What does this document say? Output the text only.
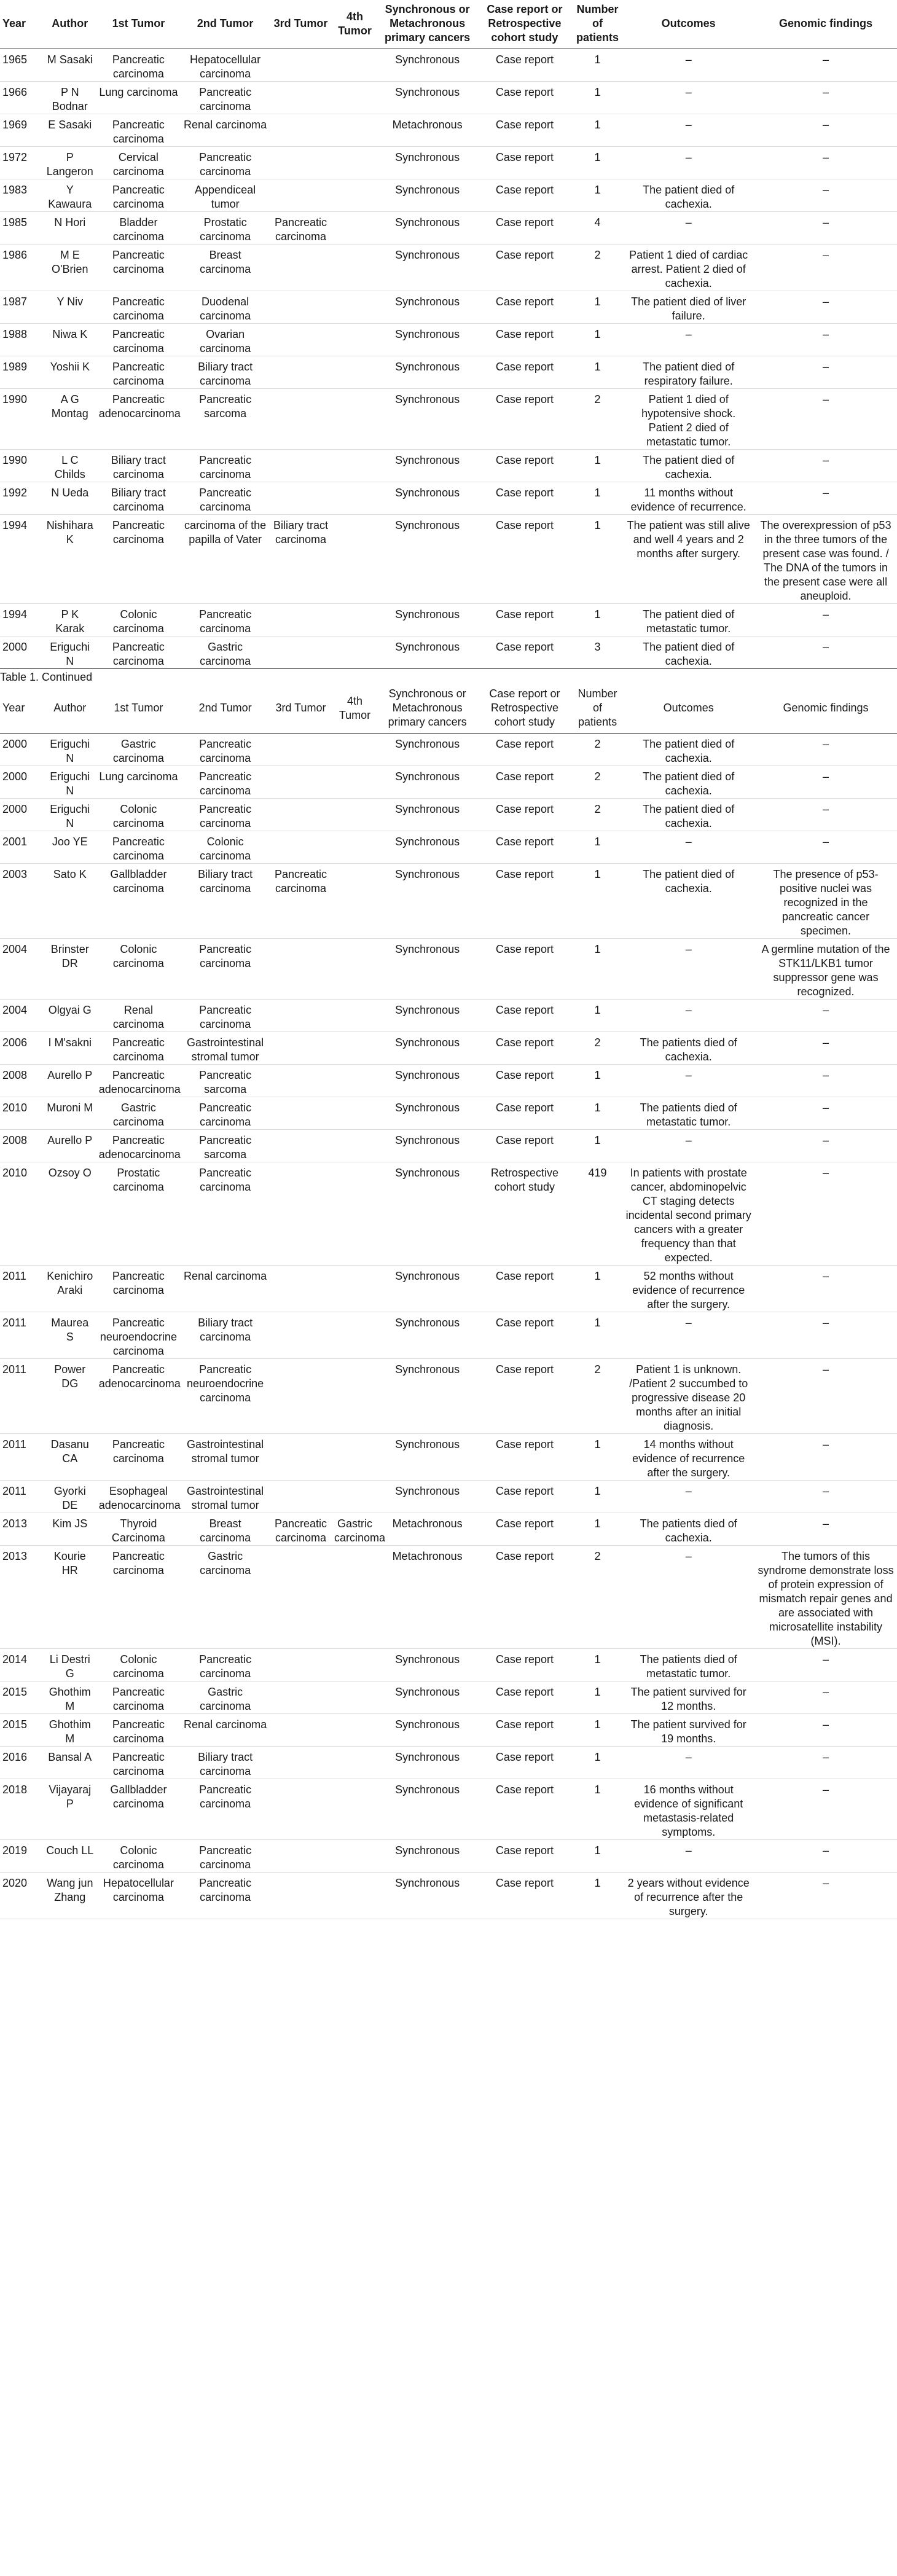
Year	Author	1st Tumor	2nd Tumor	3rd Tumor	4th Tumor	Synchronous or Metachronous primary cancers	Case report or Retrospective cohort study	Number of patients	Outcomes	Genomic findings
1965	M Sasaki	Pancreatic carcinoma	Hepatocellular carcinoma			Synchronous	Case report	1	–	–
1966	P N Bodnar	Lung carcinoma	Pancreatic carcinoma			Synchronous	Case report	1	–	–
1969	E Sasaki	Pancreatic carcinoma	Renal carcinoma			Metachronous	Case report	1	–	–
1972	P Langeron	Cervical carcinoma	Pancreatic carcinoma			Synchronous	Case report	1	–	–
1983	Y Kawaura	Pancreatic carcinoma	Appendiceal tumor			Synchronous	Case report	1	The patient died of cachexia.	–
1985	N Hori	Bladder carcinoma	Prostatic carcinoma	Pancreatic carcinoma		Synchronous	Case report	4	–	–
1986	M E O'Brien	Pancreatic carcinoma	Breast carcinoma			Synchronous	Case report	2	Patient 1 died of cardiac arrest. Patient 2 died of cachexia.	–
1987	Y Niv	Pancreatic carcinoma	Duodenal carcinoma			Synchronous	Case report	1	The patient died of liver failure.	–
1988	Niwa K	Pancreatic carcinoma	Ovarian carcinoma			Synchronous	Case report	1	–	–
1989	Yoshii K	Pancreatic carcinoma	Biliary tract carcinoma			Synchronous	Case report	1	The patient died of respiratory failure.	–
1990	A G Montag	Pancreatic adenocarcinoma	Pancreatic sarcoma			Synchronous	Case report	2	Patient 1 died of hypotensive shock. Patient 2 died of metastatic tumor.	–
1990	L C Childs	Biliary tract carcinoma	Pancreatic carcinoma			Synchronous	Case report	1	The patient died of cachexia.	–
1992	N Ueda	Biliary tract carcinoma	Pancreatic carcinoma			Synchronous	Case report	1	11 months without evidence of recurrence.	–
1994	Nishihara K	Pancreatic carcinoma	carcinoma of the papilla of Vater	Biliary tract carcinoma		Synchronous	Case report	1	The patient was still alive and well 4 years and 2 months after surgery.	The overexpression of p53 in the three tumors of the present case was found. / The DNA of the tumors in the present case were all aneuploid.
1994	P K Karak	Colonic carcinoma	Pancreatic carcinoma			Synchronous	Case report	1	The patient died of metastatic tumor.	–
2000	Eriguchi N	Pancreatic carcinoma	Gastric carcinoma			Synchronous	Case report	3	The patient died of cachexia.	–
Table 1. Continued										
Year	Author	1st Tumor	2nd Tumor	3rd Tumor	4th Tumor	Synchronous or Metachronous primary cancers	Case report or Retrospective cohort study	Number of patients	Outcomes	Genomic findings
2000	Eriguchi N	Gastric carcinoma	Pancreatic carcinoma			Synchronous	Case report	2	The patient died of cachexia.	–
2000	Eriguchi N	Lung carcinoma	Pancreatic carcinoma			Synchronous	Case report	2	The patient died of cachexia.	–
2000	Eriguchi N	Colonic carcinoma	Pancreatic carcinoma			Synchronous	Case report	2	The patient died of cachexia.	–
2001	Joo YE	Pancreatic carcinoma	Colonic carcinoma			Synchronous	Case report	1	–	–
2003	Sato K	Gallbladder carcinoma	Biliary tract carcinoma	Pancreatic carcinoma		Synchronous	Case report	1	The patient died of cachexia.	The presence of p53-positive nuclei was recognized in the pancreatic cancer specimen.
2004	Brinster DR	Colonic carcinoma	Pancreatic carcinoma			Synchronous	Case report	1	–	A germline mutation of the STK11/LKB1 tumor suppressor gene was recognized.
2004	Olgyai G	Renal carcinoma	Pancreatic carcinoma			Synchronous	Case report	1	–	–
2006	I M'sakni	Pancreatic carcinoma	Gastrointestinal stromal tumor			Synchronous	Case report	2	The patients died of cachexia.	–
2008	Aurello P	Pancreatic adenocarcinoma	Pancreatic sarcoma			Synchronous	Case report	1	–	–
2010	Muroni M	Gastric carcinoma	Pancreatic carcinoma			Synchronous	Case report	1	The patients died of metastatic tumor.	–
2008	Aurello P	Pancreatic adenocarcinoma	Pancreatic sarcoma			Synchronous	Case report	1	–	–
2010	Ozsoy O	Prostatic carcinoma	Pancreatic carcinoma			Synchronous	Retrospective cohort study	419	In patients with prostate cancer, abdominopelvic CT staging detects incidental second primary cancers with a greater frequency than that expected.	–
2011	Kenichiro Araki	Pancreatic carcinoma	Renal carcinoma			Synchronous	Case report	1	52 months without evidence of recurrence after the surgery.	–
2011	Maurea S	Pancreatic neuroendocrine carcinoma	Biliary tract carcinoma			Synchronous	Case report	1	–	–
2011	Power DG	Pancreatic adenocarcinoma	Pancreatic neuroendocrine carcinoma			Synchronous	Case report	2	Patient 1 is unknown. /Patient 2 succumbed to progressive disease 20 months after an initial diagnosis.	–
2011	Dasanu CA	Pancreatic carcinoma	Gastrointestinal stromal tumor			Synchronous	Case report	1	14 months without evidence of recurrence after the surgery.	–
2011	Gyorki DE	Esophageal adenocarcinoma	Gastrointestinal stromal tumor			Synchronous	Case report	1	–	–
2013	Kim JS	Thyroid Carcinoma	Breast carcinoma	Pancreatic carcinoma	Gastric carcinoma	Metachronous	Case report	1	The patients died of cachexia.	–
2013	Kourie HR	Pancreatic carcinoma	Gastric carcinoma			Metachronous	Case report	2	–	The tumors of this syndrome demonstrate loss of protein expression of mismatch repair genes and are associated with microsatellite instability (MSI).
2014	Li Destri G	Colonic carcinoma	Pancreatic carcinoma			Synchronous	Case report	1	The patients died of metastatic tumor.	–
2015	Ghothim M	Pancreatic carcinoma	Gastric carcinoma			Synchronous	Case report	1	The patient survived for 12 months.	–
2015	Ghothim M	Pancreatic carcinoma	Renal carcinoma			Synchronous	Case report	1	The patient survived for 19 months.	–
2016	Bansal A	Pancreatic carcinoma	Biliary tract carcinoma			Synchronous	Case report	1	–	–
2018	Vijayaraj P	Gallbladder carcinoma	Pancreatic carcinoma			Synchronous	Case report	1	16 months without evidence of significant metastasis-related symptoms.	–
2019	Couch LL	Colonic carcinoma	Pancreatic carcinoma			Synchronous	Case report	1	–	–
2020	Wang jun Zhang	Hepatocellular carcinoma	Pancreatic carcinoma			Synchronous	Case report	1	2 years without evidence of recurrence after the surgery.	–
